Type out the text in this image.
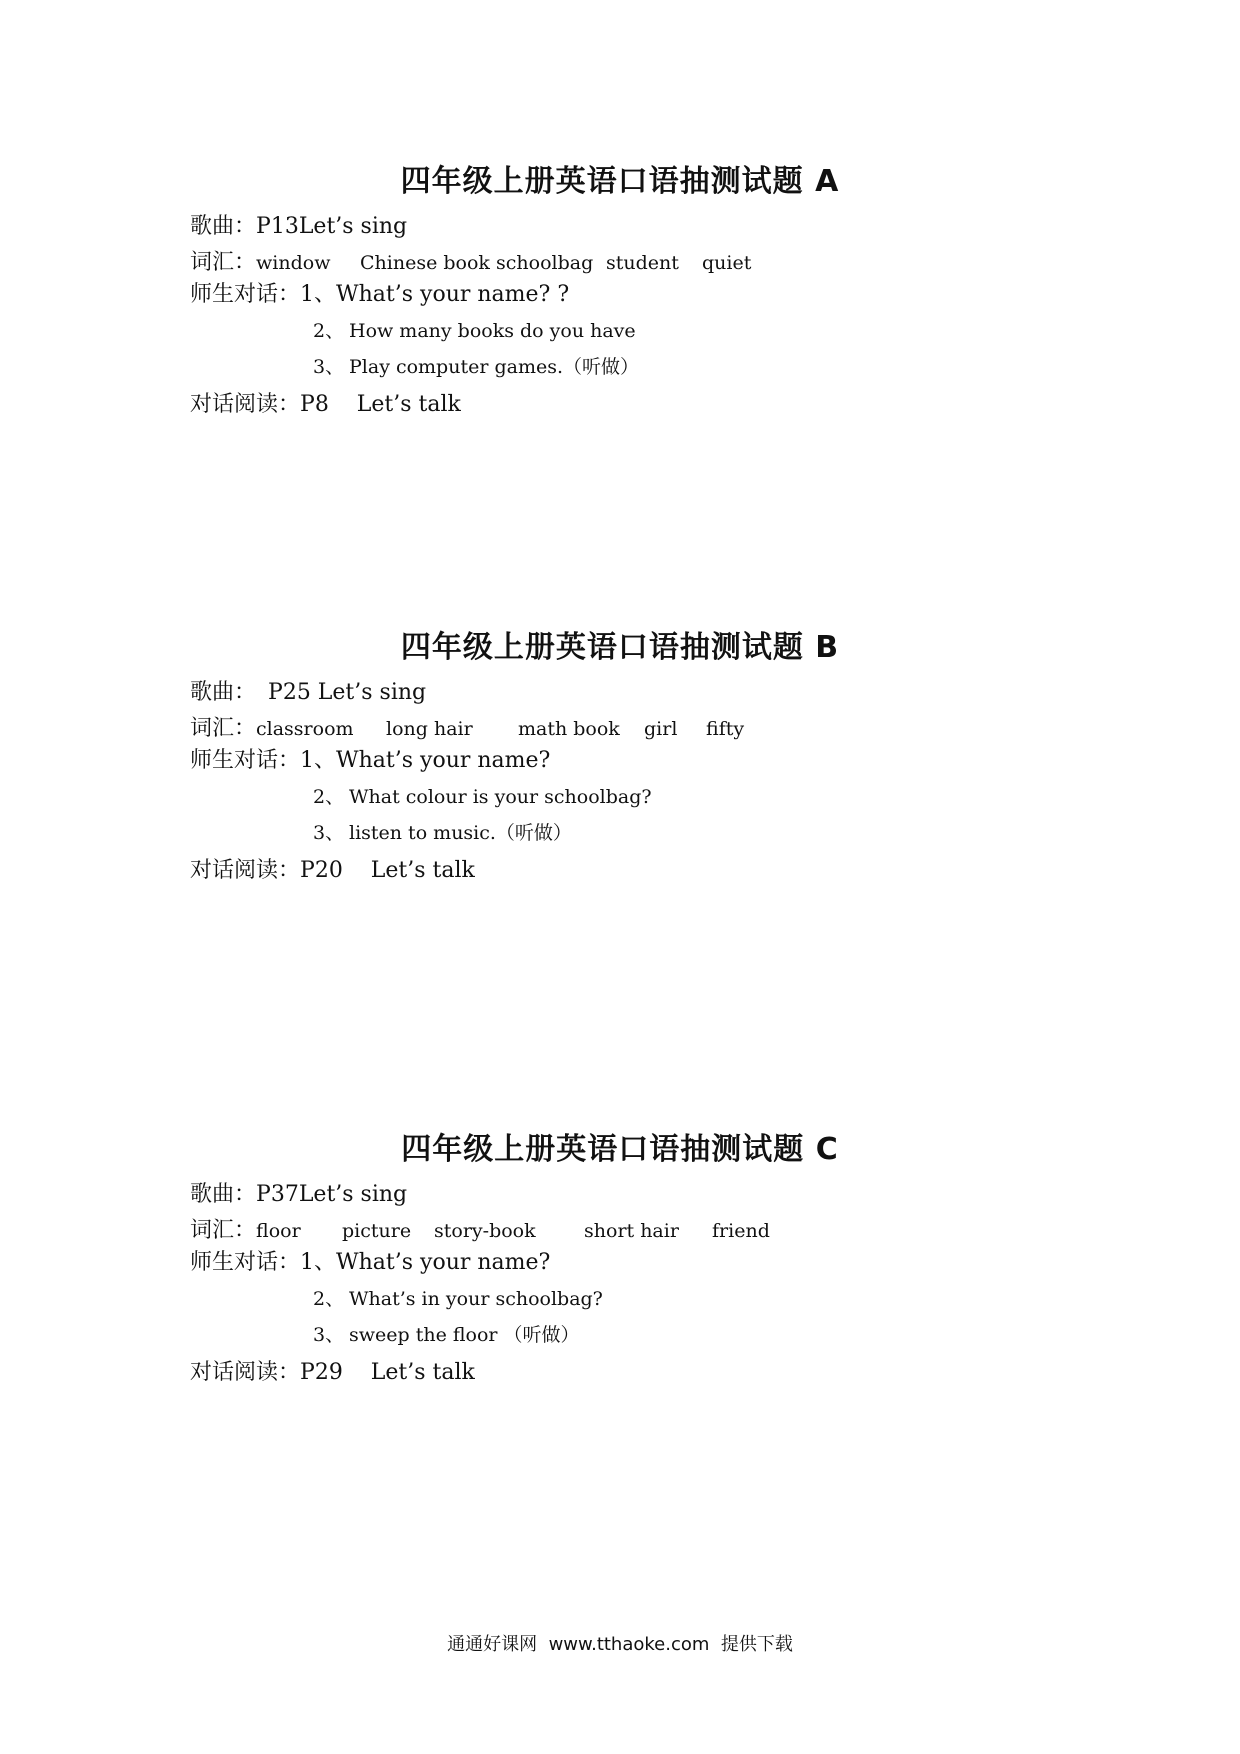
四年级上册英语口语抽测试题 A
歌曲：P13Let’s sing
词汇：window Chinese book schoolbag student quiet
师生对话：1、What’s your name? ?
2、 How many books do you have
3、 Play computer games.（听做）
对话阅读：P8    Let’s talk
四年级上册英语口语抽测试题 B
歌曲： P25 Let’s sing
词汇：classroom long hair math book girl fifty
师生对话：1、What’s your name?
2、 What colour is your schoolbag?
3、 listen to music.（听做）
对话阅读：P20    Let’s talk
四年级上册英语口语抽测试题 C
歌曲：P37Let’s sing
词汇：floor picture story-book	short hair friend
师生对话：1、What’s your name?
2、 What’s in your schoolbag?
3、 sweep the floor （听做）
对话阅读：P29    Let’s talk
通通好课网  www.tthaoke.com  提供下载
